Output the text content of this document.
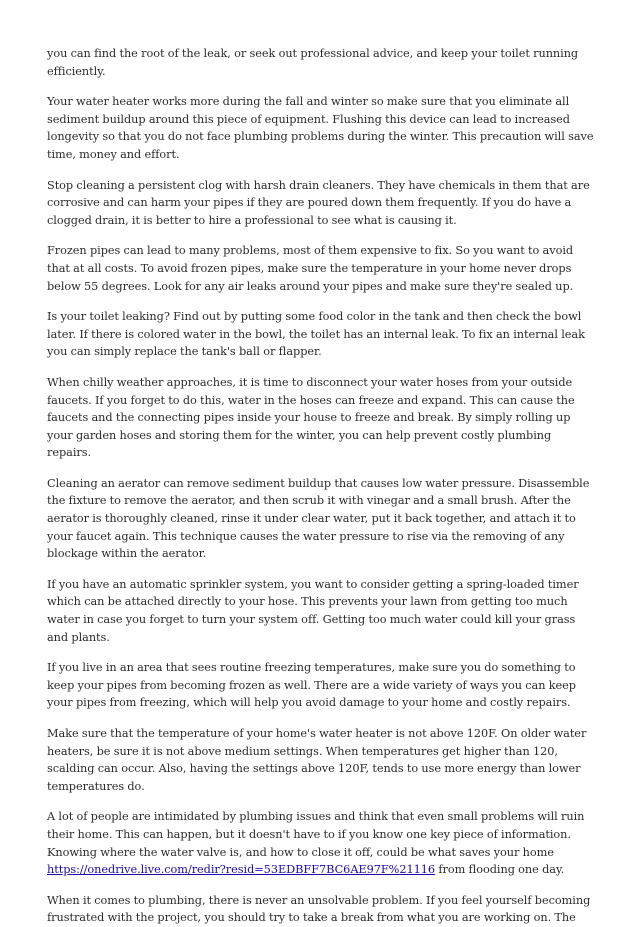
you can find the root of the leak, or seek out professional advice, and keep your toilet running efficiently.

Your water heater works more during the fall and winter so make sure that you eliminate all sediment buildup around this piece of equipment. Flushing this device can lead to increased longevity so that you do not face plumbing problems during the winter. This precaution will save time, money and effort.

Stop cleaning a persistent clog with harsh drain cleaners. They have chemicals in them that are corrosive and can harm your pipes if they are poured down them frequently. If you do have a clogged drain, it is better to hire a professional to see what is causing it.

Frozen pipes can lead to many problems, most of them expensive to fix. So you want to avoid that at all costs. To avoid frozen pipes, make sure the temperature in your home never drops below 55 degrees. Look for any air leaks around your pipes and make sure they're sealed up.

Is your toilet leaking? Find out by putting some food color in the tank and then check the bowl later. If there is colored water in the bowl, the toilet has an internal leak. To fix an internal leak you can simply replace the tank's ball or flapper.

When chilly weather approaches, it is time to disconnect your water hoses from your outside faucets. If you forget to do this, water in the hoses can freeze and expand. This can cause the faucets and the connecting pipes inside your house to freeze and break. By simply rolling up your garden hoses and storing them for the winter, you can help prevent costly plumbing repairs.

Cleaning an aerator can remove sediment buildup that causes low water pressure. Disassemble the fixture to remove the aerator, and then scrub it with vinegar and a small brush. After the aerator is thoroughly cleaned, rinse it under clear water, put it back together, and attach it to your faucet again. This technique causes the water pressure to rise via the removing of any blockage within the aerator.

If you have an automatic sprinkler system, you want to consider getting a spring-loaded timer which can be attached directly to your hose. This prevents your lawn from getting too much water in case you forget to turn your system off. Getting too much water could kill your grass and plants.

If you live in an area that sees routine freezing temperatures, make sure you do something to keep your pipes from becoming frozen as well. There are a wide variety of ways you can keep your pipes from freezing, which will help you avoid damage to your home and costly repairs.

Make sure that the temperature of your home's water heater is not above 120F. On older water heaters, be sure it is not above medium settings. When temperatures get higher than 120, scalding can occur. Also, having the settings above 120F, tends to use more energy than lower temperatures do.

A lot of people are intimidated by plumbing issues and think that even small problems will ruin their home. This can happen, but it doesn't have to if you know one key piece of information. Knowing where the water valve is, and how to close it off, could be what saves your home https://onedrive.live.com/redir?resid=53EDBFF7BC6AE97F%21116 from flooding one day.

When it comes to plumbing, there is never an unsolvable problem. If you feel yourself becoming frustrated with the project, you should try to take a break from what you are working on. The
